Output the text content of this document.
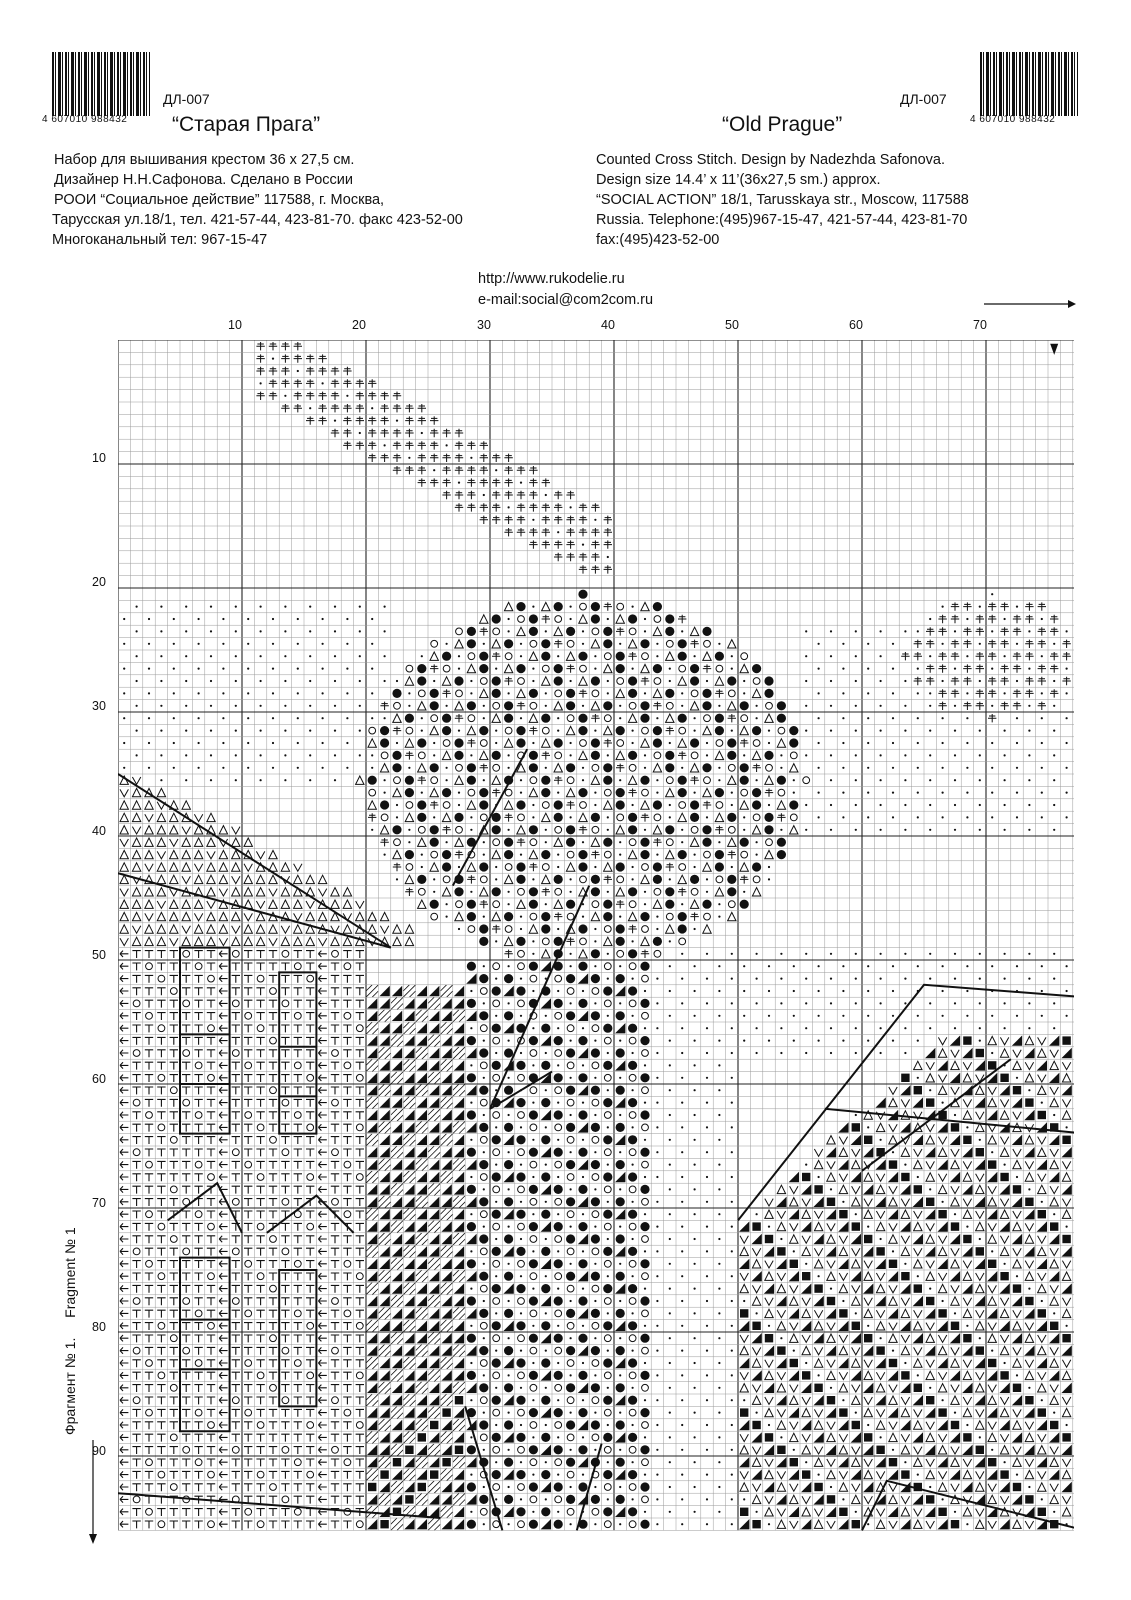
4 607010 988432	4 607010 988432
ДЛ-007	ДЛ-007
“Старая Прага”	“Old Prague”
Набор для вышивания крестом 36 х 27,5 см.
Дизайнер Н.Н.Сафонова. Сделано в России
РООИ “Социальное действие” 117588, г. Москва,
Тарусская ул.18/1, тел. 421-57-44, 423-81-70. факс 423-52-00
Многоканальный тел: 967-15-47
Counted Cross Stitch. Design by Nadezhda Safonova.
Design size 14.4’ x 11’(36x27,5 sm.) approx.
“SOCIAL ACTION” 18/1, Tarusskaya str., Moscow, 117588
Russia. Telephone:(495)967-15-47, 421-57-44, 423-81-70
fax:(495)423-52-00
http://www.rukodelie.ru
e-mail:social@com2com.ru
Фрагмент № 1.  Fragment № 1
10	20	30	40	50	60	70
10
20
30
40
50
60
70
80
90
